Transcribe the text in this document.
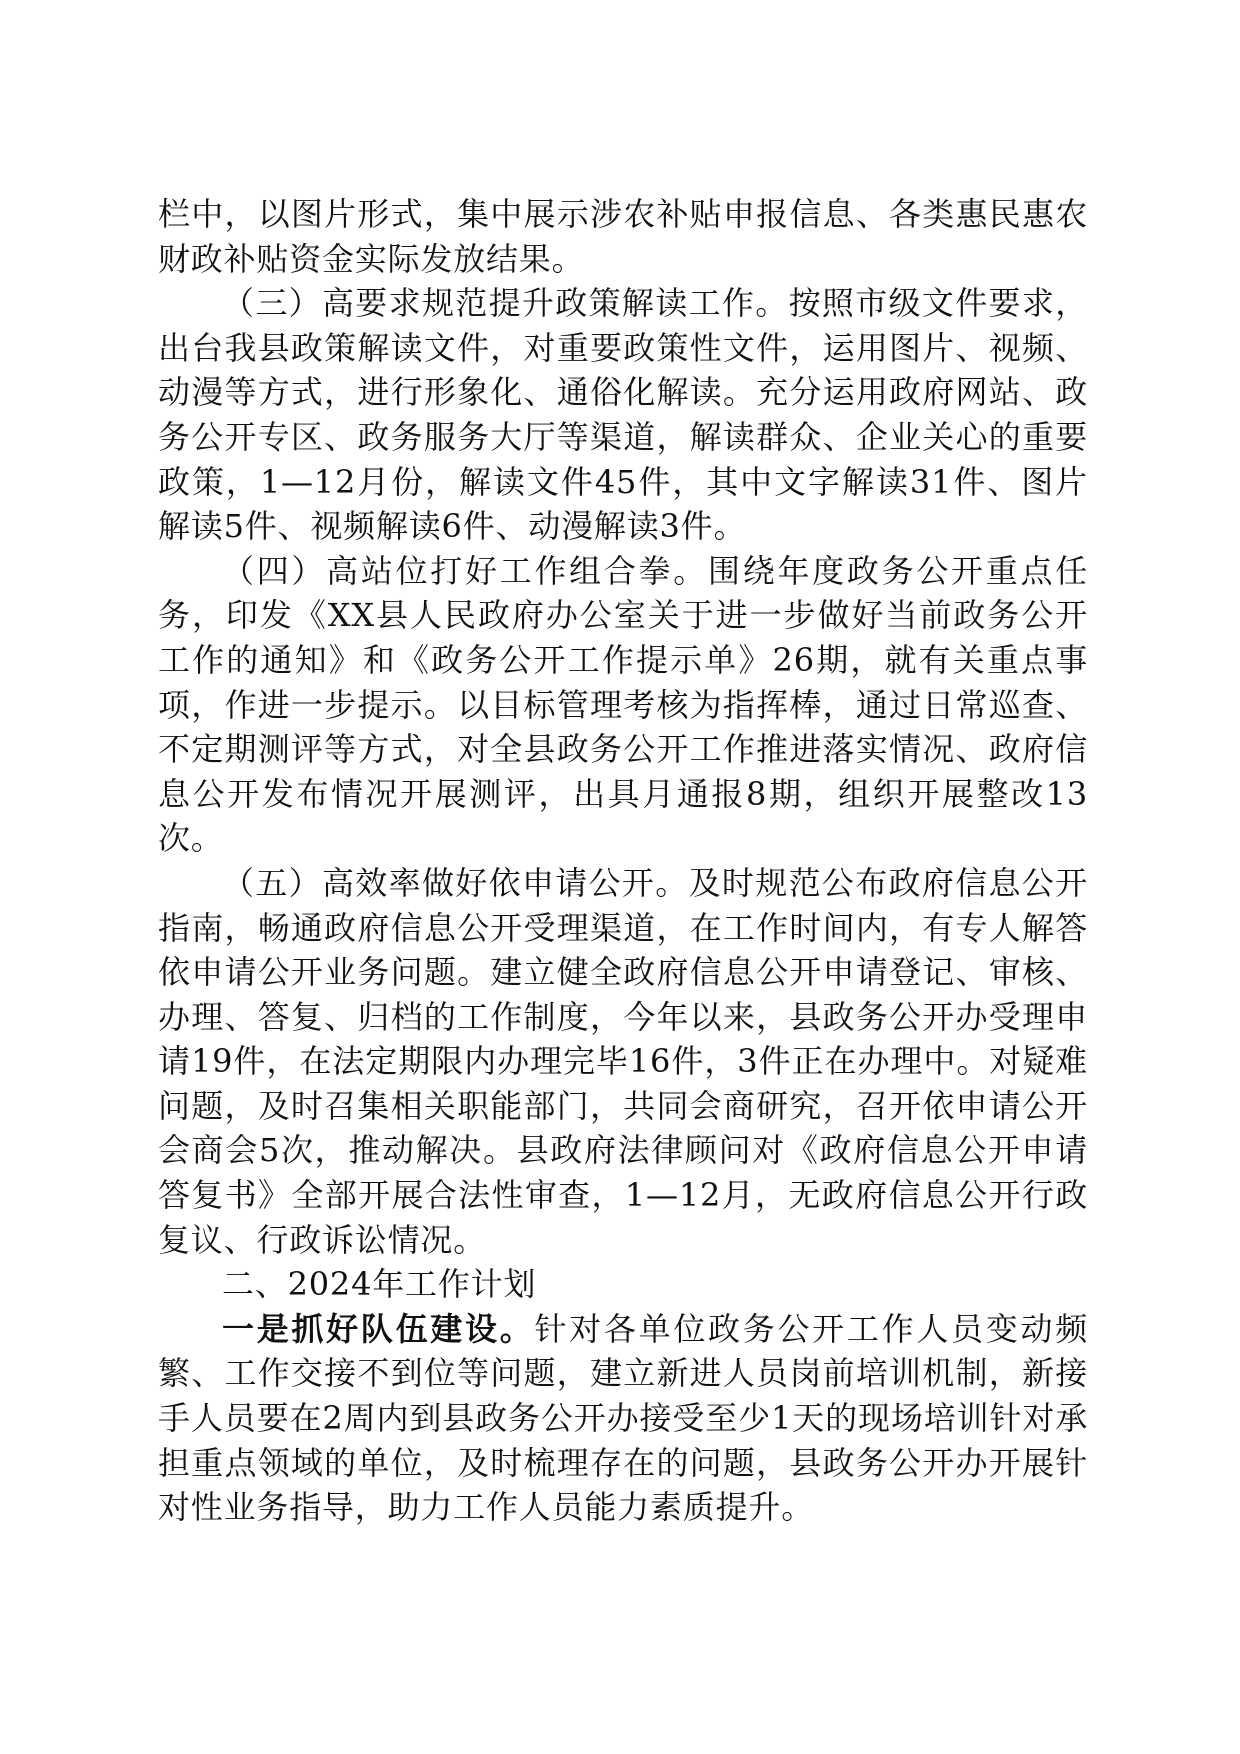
栏中，以图片形式，集中展示涉农补贴申报信息、各类惠民惠农财政补贴资金实际发放结果。

（三）高要求规范提升政策解读工作。按照市级文件要求，出台我县政策解读文件，对重要政策性文件，运用图片、视频、动漫等方式，进行形象化、通俗化解读。充分运用政府网站、政务公开专区、政务服务大厅等渠道，解读群众、企业关心的重要政策，1—12月份，解读文件45件，其中文字解读31件、图片解读5件、视频解读6件、动漫解读3件。

（四）高站位打好工作组合拳。围绕年度政务公开重点任务，印发《XX县人民政府办公室关于进一步做好当前政务公开工作的通知》和《政务公开工作提示单》26期，就有关重点事项，作进一步提示。以目标管理考核为指挥棒，通过日常巡查、不定期测评等方式，对全县政务公开工作推进落实情况、政府信息公开发布情况开展测评，出具月通报8期，组织开展整改13次。

（五）高效率做好依申请公开。及时规范公布政府信息公开指南，畅通政府信息公开受理渠道，在工作时间内，有专人解答依申请公开业务问题。建立健全政府信息公开申请登记、审核、办理、答复、归档的工作制度，今年以来，县政务公开办受理申请19件，在法定期限内办理完毕16件，3件正在办理中。对疑难问题，及时召集相关职能部门，共同会商研究，召开依申请公开会商会5次，推动解决。县政府法律顾问对《政府信息公开申请答复书》全部开展合法性审查，1—12月，无政府信息公开行政复议、行政诉讼情况。

二、2024年工作计划

一是抓好队伍建设。针对各单位政务公开工作人员变动频繁、工作交接不到位等问题，建立新进人员岗前培训机制，新接手人员要在2周内到县政务公开办接受至少1天的现场培训针对承担重点领域的单位，及时梳理存在的问题，县政务公开办开展针对性业务指导，助力工作人员能力素质提升。
